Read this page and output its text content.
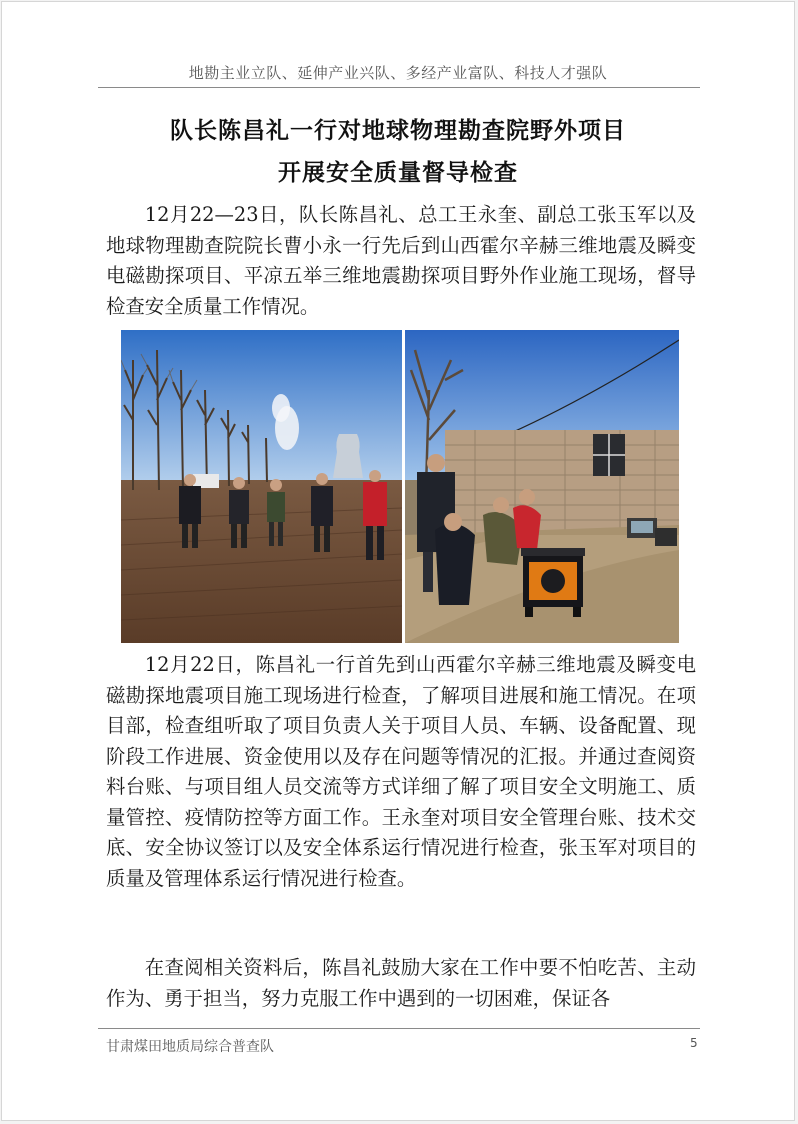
地勘主业立队、延伸产业兴队、多经产业富队、科技人才强队
队长陈昌礼一行对地球物理勘查院野外项目
开展安全质量督导检查

12月22—23日，队长陈昌礼、总工王永奎、副总工张玉军以及地球物理勘查院院长曹小永一行先后到山西霍尔辛赫三维地震及瞬变电磁勘探项目、平凉五举三维地震勘探项目野外作业施工现场，督导检查安全质量工作情况。

12月22日，陈昌礼一行首先到山西霍尔辛赫三维地震及瞬变电磁勘探地震项目施工现场进行检查，了解项目进展和施工情况。在项目部，检查组听取了项目负责人关于项目人员、车辆、设备配置、现阶段工作进展、资金使用以及存在问题等情况的汇报。并通过查阅资料台账、与项目组人员交流等方式详细了解了项目安全文明施工、质量管控、疫情防控等方面工作。王永奎对项目安全管理台账、技术交底、安全协议签订以及安全体系运行情况进行检查，张玉军对项目的质量及管理体系运行情况进行检查。

在查阅相关资料后，陈昌礼鼓励大家在工作中要不怕吃苦、主动作为、勇于担当，努力克服工作中遇到的一切困难，保证各

甘肃煤田地质局综合普查队	5
